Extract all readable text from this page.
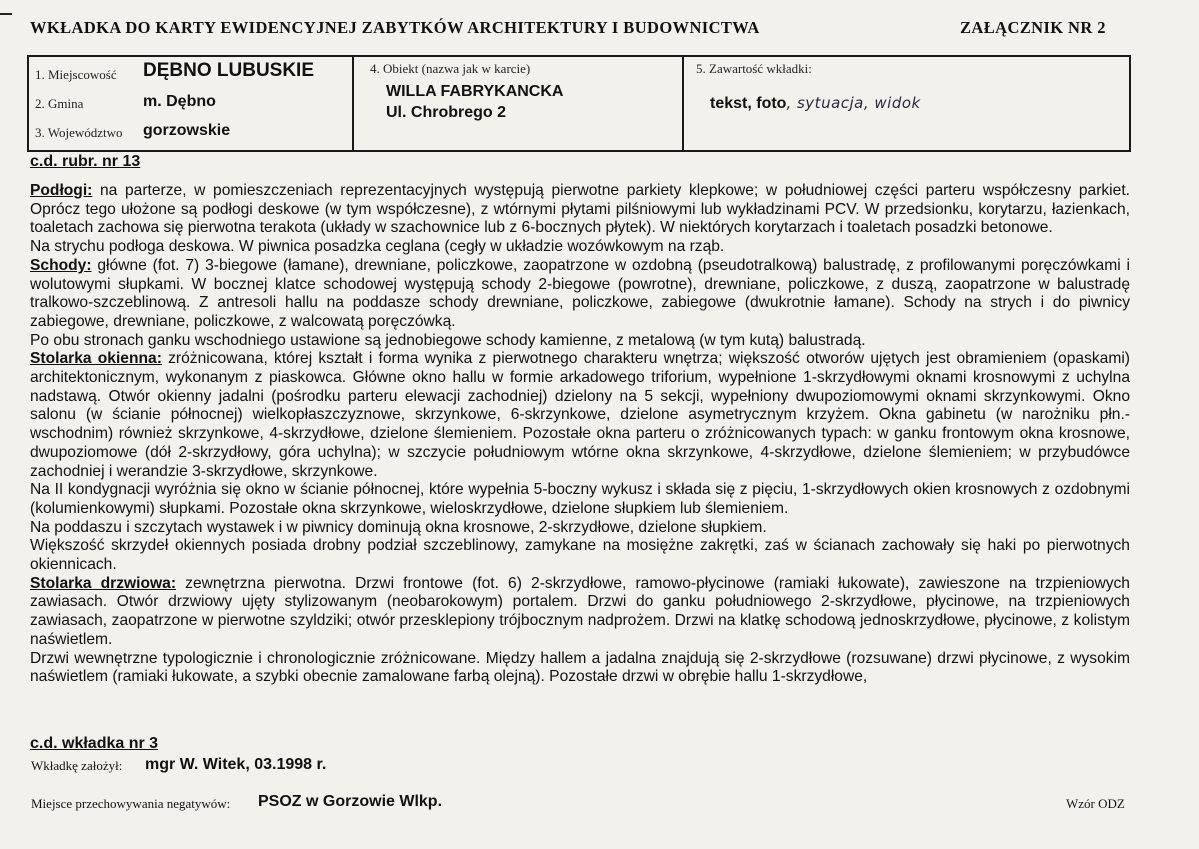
WKŁADKA DO KARTY EWIDENCYJNEJ ZABYTKÓW ARCHITEKTURY I BUDOWNICTWA	ZAŁĄCZNIK NR 2
1. Miejscowość DĘBNO LUBUSKIE
2. Gmina	m. Dębno
3. Województwo gorzowskie
4. Obiekt (nazwa jak w karcie)
WILLA FABRYKANCKA
Ul. Chrobrego 2
5. Zawartość wkładki:
tekst, foto, sytuacja, widok
c.d. rubr. nr 13

Podłogi: na parterze, w pomieszczeniach reprezentacyjnych występują pierwotne parkiety klepkowe; w południowej części parteru współczesny parkiet. Oprócz tego ułożone są podłogi deskowe (w tym współczesne), z wtórnymi płytami pilśniowymi lub wykładzinami PCV. W przedsionku, korytarzu, łazienkach, toaletach zachowa się pierwotna terakota (układy w szachownice lub z 6-bocznych płytek). W niektórych korytarzach i toaletach posadzki betonowe.

Na strychu podłoga deskowa. W piwnica posadzka ceglana (cegły w układzie wozówkowym na rząb.

Schody: główne (fot. 7) 3-biegowe (łamane), drewniane, policzkowe, zaopatrzone w ozdobną (pseudotralkową) balustradę, z profilowanymi poręczówkami i wolutowymi słupkami. W bocznej klatce schodowej występują schody 2-biegowe (powrotne), drewniane, policzkowe, z duszą, zaopatrzone w balustradę tralkowo-szczeblinową. Z antresoli hallu na poddasze schody drewniane, policzkowe, zabiegowe (dwukrotnie łamane). Schody na strych i do piwnicy zabiegowe, drewniane, policzkowe, z walcowatą poręczówką.

Po obu stronach ganku wschodniego ustawione są jednobiegowe schody kamienne, z metalową (w tym kutą) balustradą.

Stolarka okienna: zróżnicowana, której kształt i forma wynika z pierwotnego charakteru wnętrza; większość otworów ujętych jest obramieniem (opaskami) architektonicznym, wykonanym z piaskowca. Główne okno hallu w formie arkadowego triforium, wypełnione 1-skrzydłowymi oknami krosnowymi z uchylna nadstawą. Otwór okienny jadalni (pośrodku parteru elewacji zachodniej) dzielony na 5 sekcji, wypełniony dwupoziomowymi oknami skrzynkowymi. Okno salonu (w ścianie północnej) wielkopłaszczyznowe, skrzynkowe, 6-skrzynkowe, dzielone asymetrycznym krzyżem. Okna gabinetu (w narożniku płn.-wschodnim) również skrzynkowe, 4-skrzydłowe, dzielone ślemieniem. Pozostałe okna parteru o zróżnicowanych typach: w ganku frontowym okna krosnowe, dwupoziomowe (dół 2-skrzydłowy, góra uchylna); w szczycie południowym wtórne okna skrzynkowe, 4-skrzydłowe, dzielone ślemieniem; w przybudówce zachodniej i werandzie 3-skrzydłowe, skrzynkowe.

Na II kondygnacji wyróżnia się okno w ścianie północnej, które wypełnia 5-boczny wykusz i składa się z pięciu, 1-skrzydłowych okien krosnowych z ozdobnymi (kolumienkowymi) słupkami. Pozostałe okna skrzynkowe, wieloskrzydłowe, dzielone słupkiem lub ślemieniem.

Na poddaszu i szczytach wystawek i w piwnicy dominują okna krosnowe, 2-skrzydłowe, dzielone słupkiem.

Większość skrzydeł okiennych posiada drobny podział szczeblinowy, zamykane na mosiężne zakrętki, zaś w ścianach zachowały się haki po pierwotnych okiennicach.

Stolarka drzwiowa: zewnętrzna pierwotna. Drzwi frontowe (fot. 6) 2-skrzydłowe, ramowo-płycinowe (ramiaki łukowate), zawieszone na trzpieniowych zawiasach. Otwór drzwiowy ujęty stylizowanym (neobarokowym) portalem. Drzwi do ganku południowego 2-skrzydłowe, płycinowe, na trzpieniowych zawiasach, zaopatrzone w pierwotne szyldziki; otwór przesklepiony trójbocznym nadprożem. Drzwi na klatkę schodową jednoskrzydłowe, płycinowe, z kolistym naświetlem.

Drzwi wewnętrzne typologicznie i chronologicznie zróżnicowane. Między hallem a jadalna znajdują się 2-skrzydłowe (rozsuwane) drzwi płycinowe, z wysokim naświetlem (ramiaki łukowate, a szybki obecnie zamalowane farbą olejną). Pozostałe drzwi w obrębie hallu 1-skrzydłowe,

c.d. wkładka nr 3
Wkładkę założył: mgr W. Witek, 03.1998 r.
Miejsce przechowywania negatywów: PSOZ w Gorzowie Wlkp.	Wzór ODZ
